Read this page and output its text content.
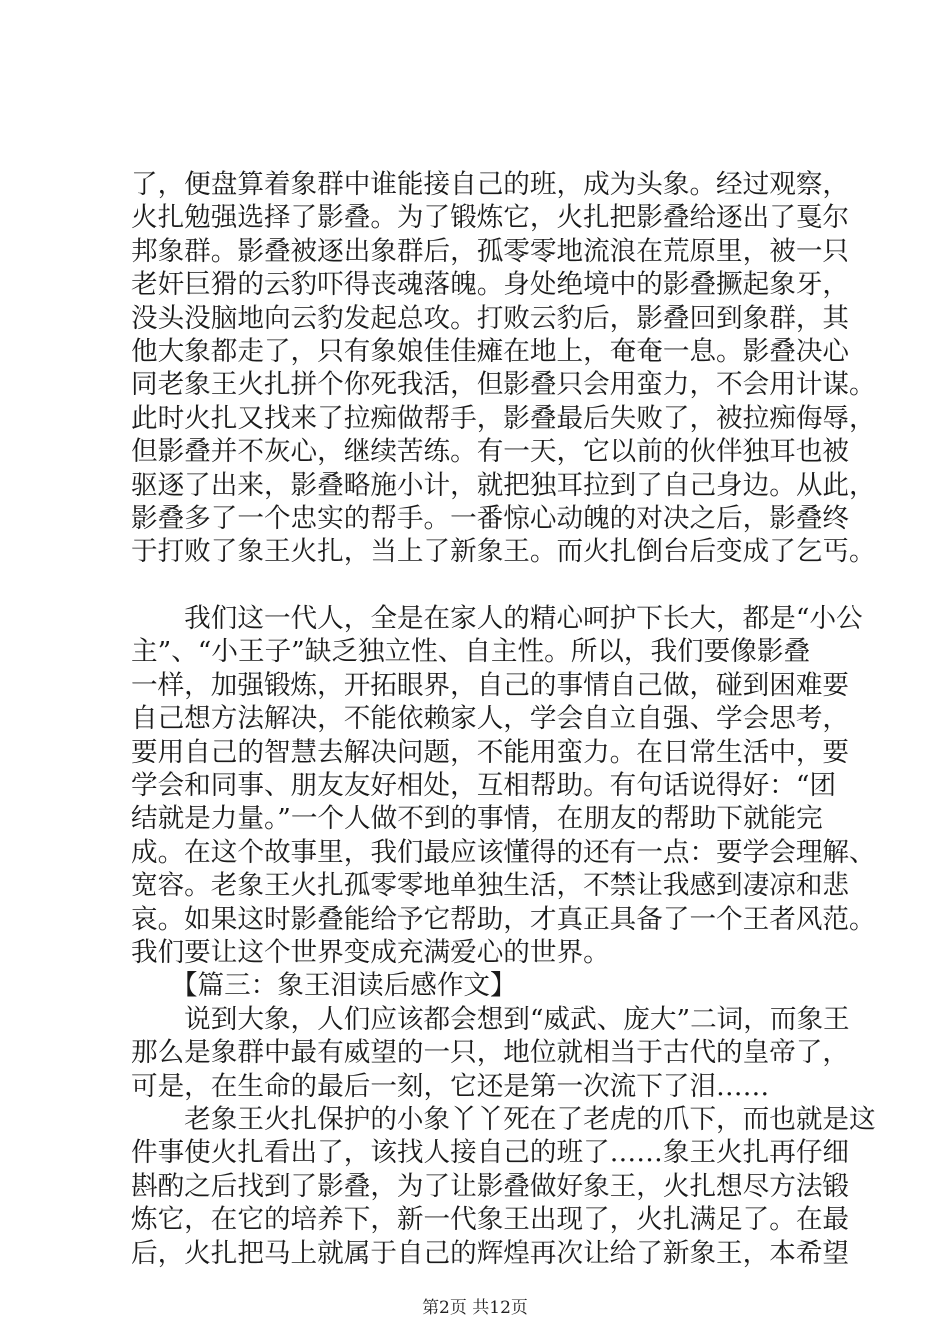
了，便盘算着象群中谁能接自己的班，成为头象。经过观察，
火扎勉强选择了影叠。为了锻炼它，火扎把影叠给逐出了戛尔
邦象群。影叠被逐出象群后，孤零零地流浪在荒原里，被一只
老奸巨猾的云豹吓得丧魂落魄。身处绝境中的影叠撅起象牙，
没头没脑地向云豹发起总攻。打败云豹后，影叠回到象群，其
他大象都走了，只有象娘佳佳瘫在地上，奄奄一息。影叠决心
同老象王火扎拼个你死我活，但影叠只会用蛮力，不会用计谋。
此时火扎又找来了拉痴做帮手，影叠最后失败了，被拉痴侮辱，
但影叠并不灰心，继续苦练。有一天，它以前的伙伴独耳也被
驱逐了出来，影叠略施小计，就把独耳拉到了自己身边。从此，
影叠多了一个忠实的帮手。一番惊心动魄的对决之后，影叠终
于打败了象王火扎，当上了新象王。而火扎倒台后变成了乞丐。
　　我们这一代人，全是在家人的精心呵护下长大，都是“小公
主”、“小王子”缺乏独立性、自主性。所以，我们要像影叠
一样，加强锻炼，开拓眼界，自己的事情自己做，碰到困难要
自己想方法解决，不能依赖家人，学会自立自强、学会思考，
要用自己的智慧去解决问题，不能用蛮力。在日常生活中，要
学会和同事、朋友友好相处，互相帮助。有句话说得好：“团
结就是力量。”一个人做不到的事情，在朋友的帮助下就能完
成。在这个故事里，我们最应该懂得的还有一点：要学会理解、
宽容。老象王火扎孤零零地单独生活，不禁让我感到凄凉和悲
哀。如果这时影叠能给予它帮助，才真正具备了一个王者风范。
我们要让这个世界变成充满爱心的世界。
　　【篇三：象王泪读后感作文】
　　说到大象，人们应该都会想到“威武、庞大”二词，而象王
那么是象群中最有威望的一只，地位就相当于古代的皇帝了，
可是，在生命的最后一刻，它还是第一次流下了泪……
　　老象王火扎保护的小象丫丫死在了老虎的爪下，而也就是这
件事使火扎看出了，该找人接自己的班了……象王火扎再仔细
斟酌之后找到了影叠，为了让影叠做好象王，火扎想尽方法锻
炼它，在它的培养下，新一代象王出现了，火扎满足了。在最
后，火扎把马上就属于自己的辉煌再次让给了新象王，本希望
第2页 共12页
